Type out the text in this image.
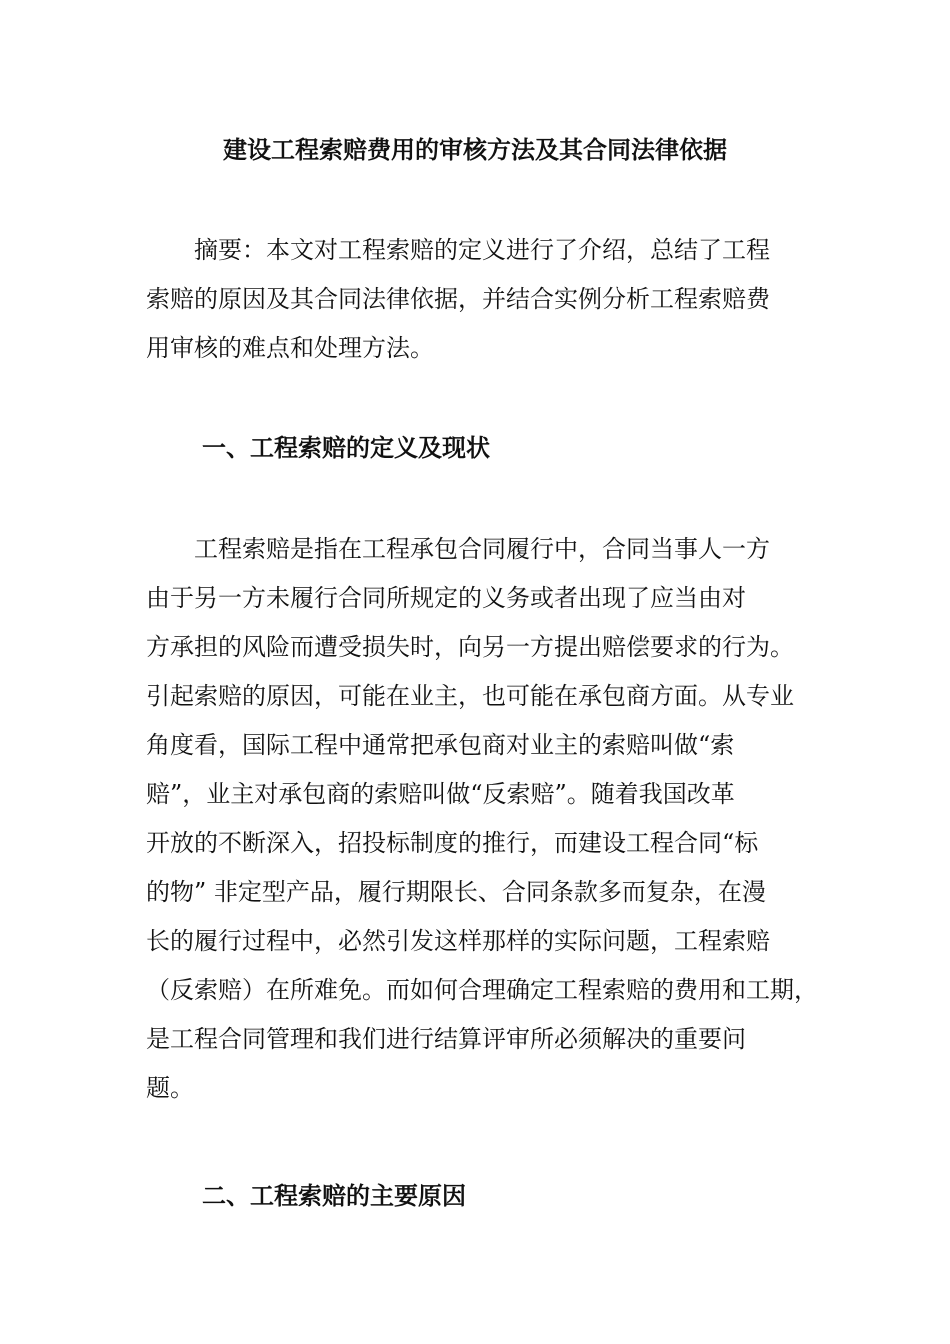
建设工程索赔费用的审核方法及其合同法律依据
　　摘要：本文对工程索赔的定义进行了介绍，总结了工程
索赔的原因及其合同法律依据，并结合实例分析工程索赔费
用审核的难点和处理方法。
一、工程索赔的定义及现状
　　工程索赔是指在工程承包合同履行中，合同当事人一方
由于另一方未履行合同所规定的义务或者出现了应当由对
方承担的风险而遭受损失时，向另一方提出赔偿要求的行为。
引起索赔的原因，可能在业主，也可能在承包商方面。从专业
角度看，国际工程中通常把承包商对业主的索赔叫做“索
赔”，业主对承包商的索赔叫做“反索赔”。随着我国改革
开放的不断深入，招投标制度的推行，而建设工程合同“标
的物” 非定型产品，履行期限长、合同条款多而复杂，在漫
长的履行过程中，必然引发这样那样的实际问题，工程索赔
（反索赔）在所难免。而如何合理确定工程索赔的费用和工期，
是工程合同管理和我们进行结算评审所必须解决的重要问
题。
二、工程索赔的主要原因
